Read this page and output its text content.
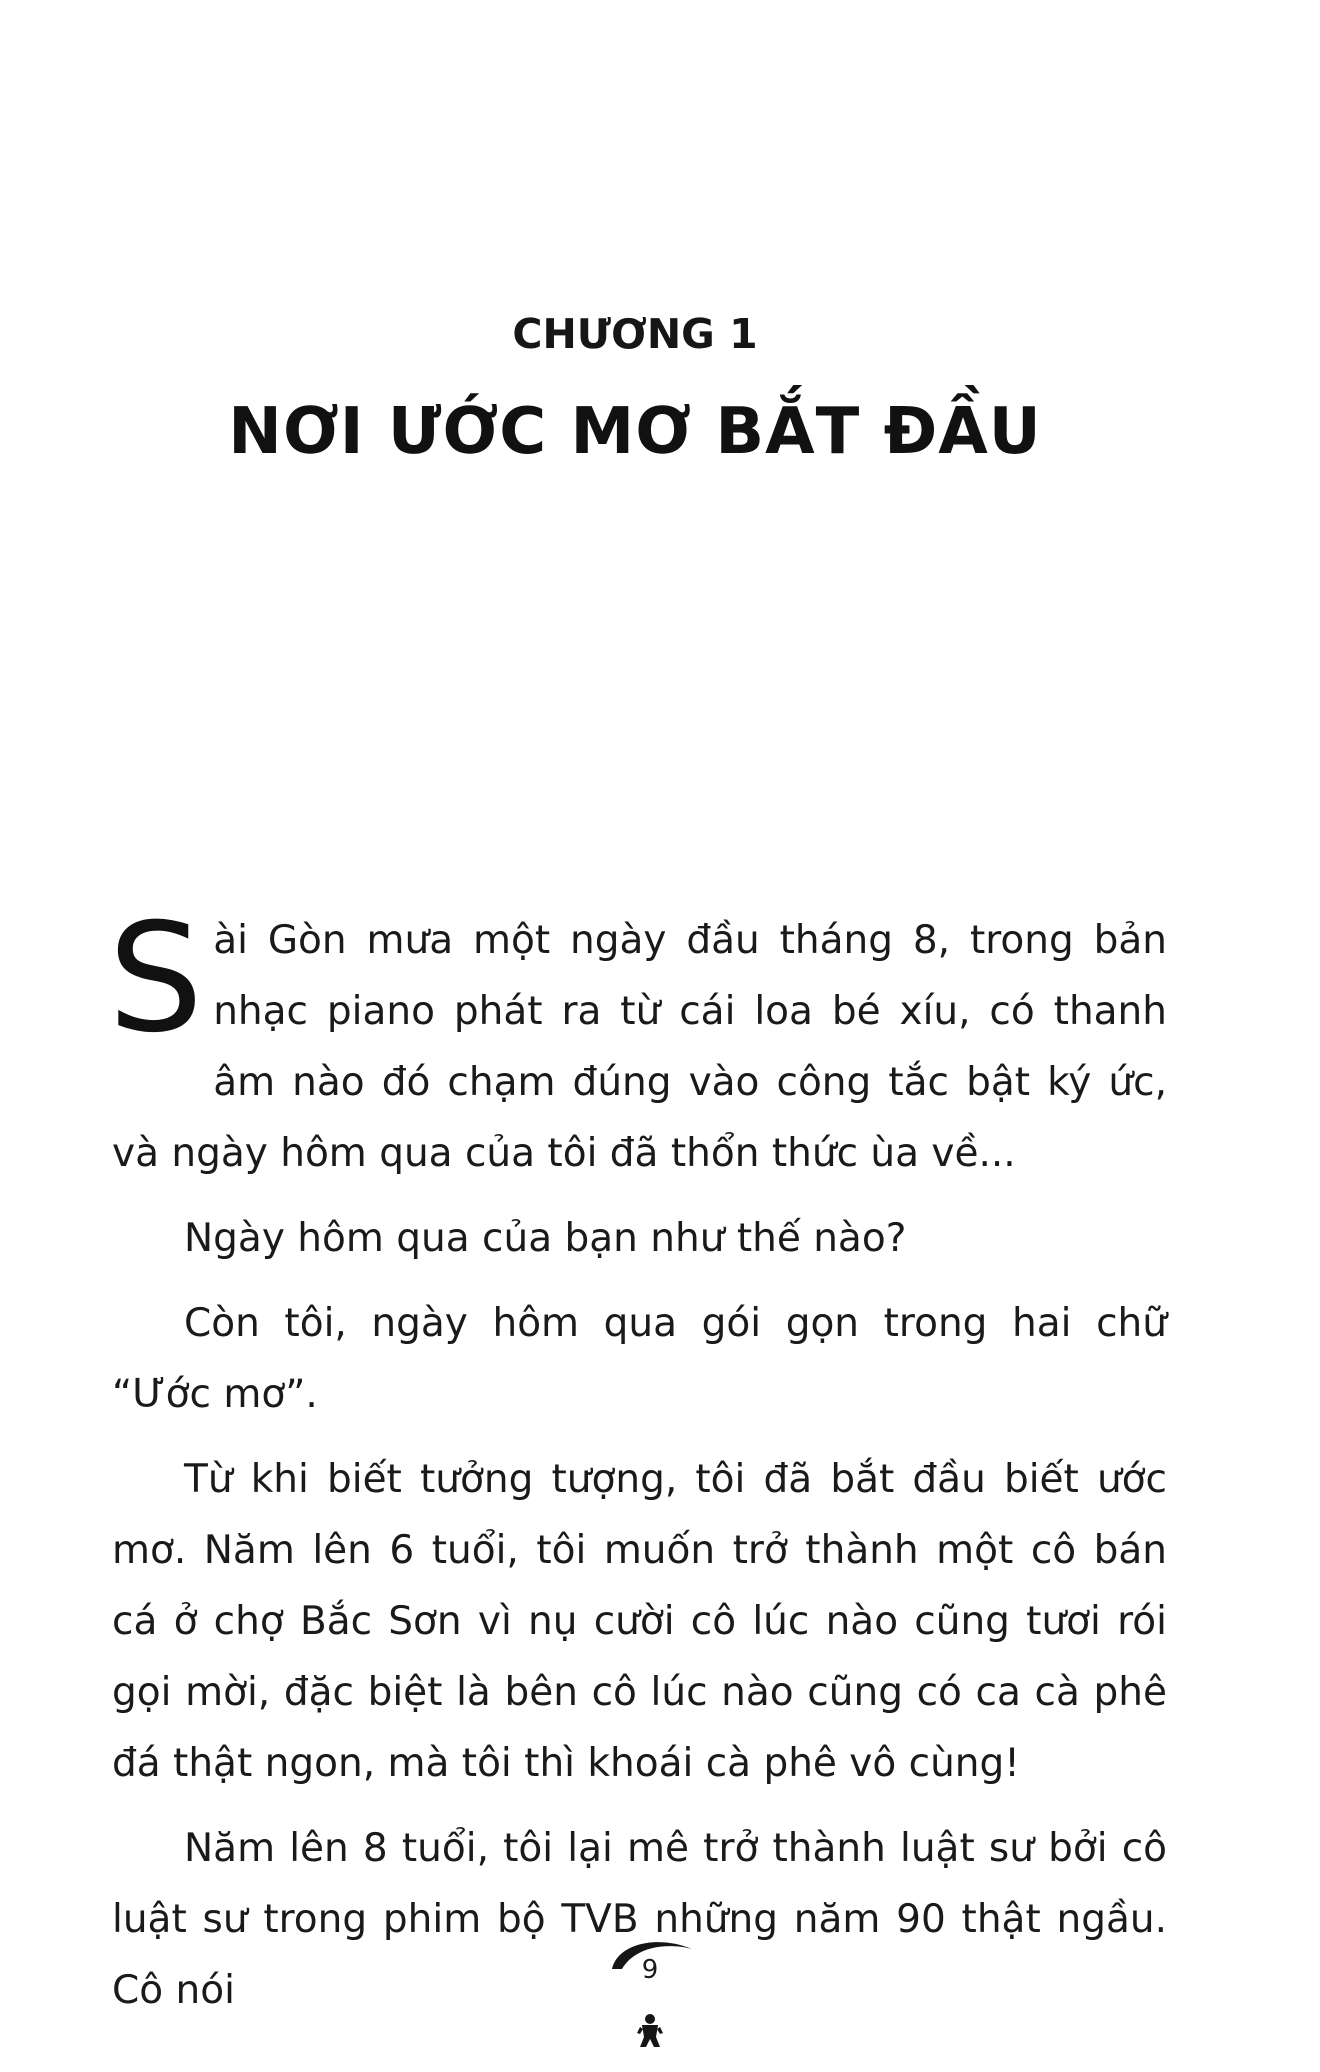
CHƯƠNG 1
NƠI ƯỚC MƠ BẮT ĐẦU

Sài Gòn mưa một ngày đầu tháng 8, trong bản nhạc piano phát ra từ cái loa bé xíu, có thanh âm nào đó chạm đúng vào công tắc bật ký ức, và ngày hôm qua của tôi đã thổn thức ùa về...

Ngày hôm qua của bạn như thế nào?

Còn tôi, ngày hôm qua gói gọn trong hai chữ “Ước mơ”.

Từ khi biết tưởng tượng, tôi đã bắt đầu biết ước mơ. Năm lên 6 tuổi, tôi muốn trở thành một cô bán cá ở chợ Bắc Sơn vì nụ cười cô lúc nào cũng tươi rói gọi mời, đặc biệt là bên cô lúc nào cũng có ca cà phê đá thật ngon, mà tôi thì khoái cà phê vô cùng!

Năm lên 8 tuổi, tôi lại mê trở thành luật sư bởi cô luật sư trong phim bộ TVB những năm 90 thật ngầu. Cô nói	9
